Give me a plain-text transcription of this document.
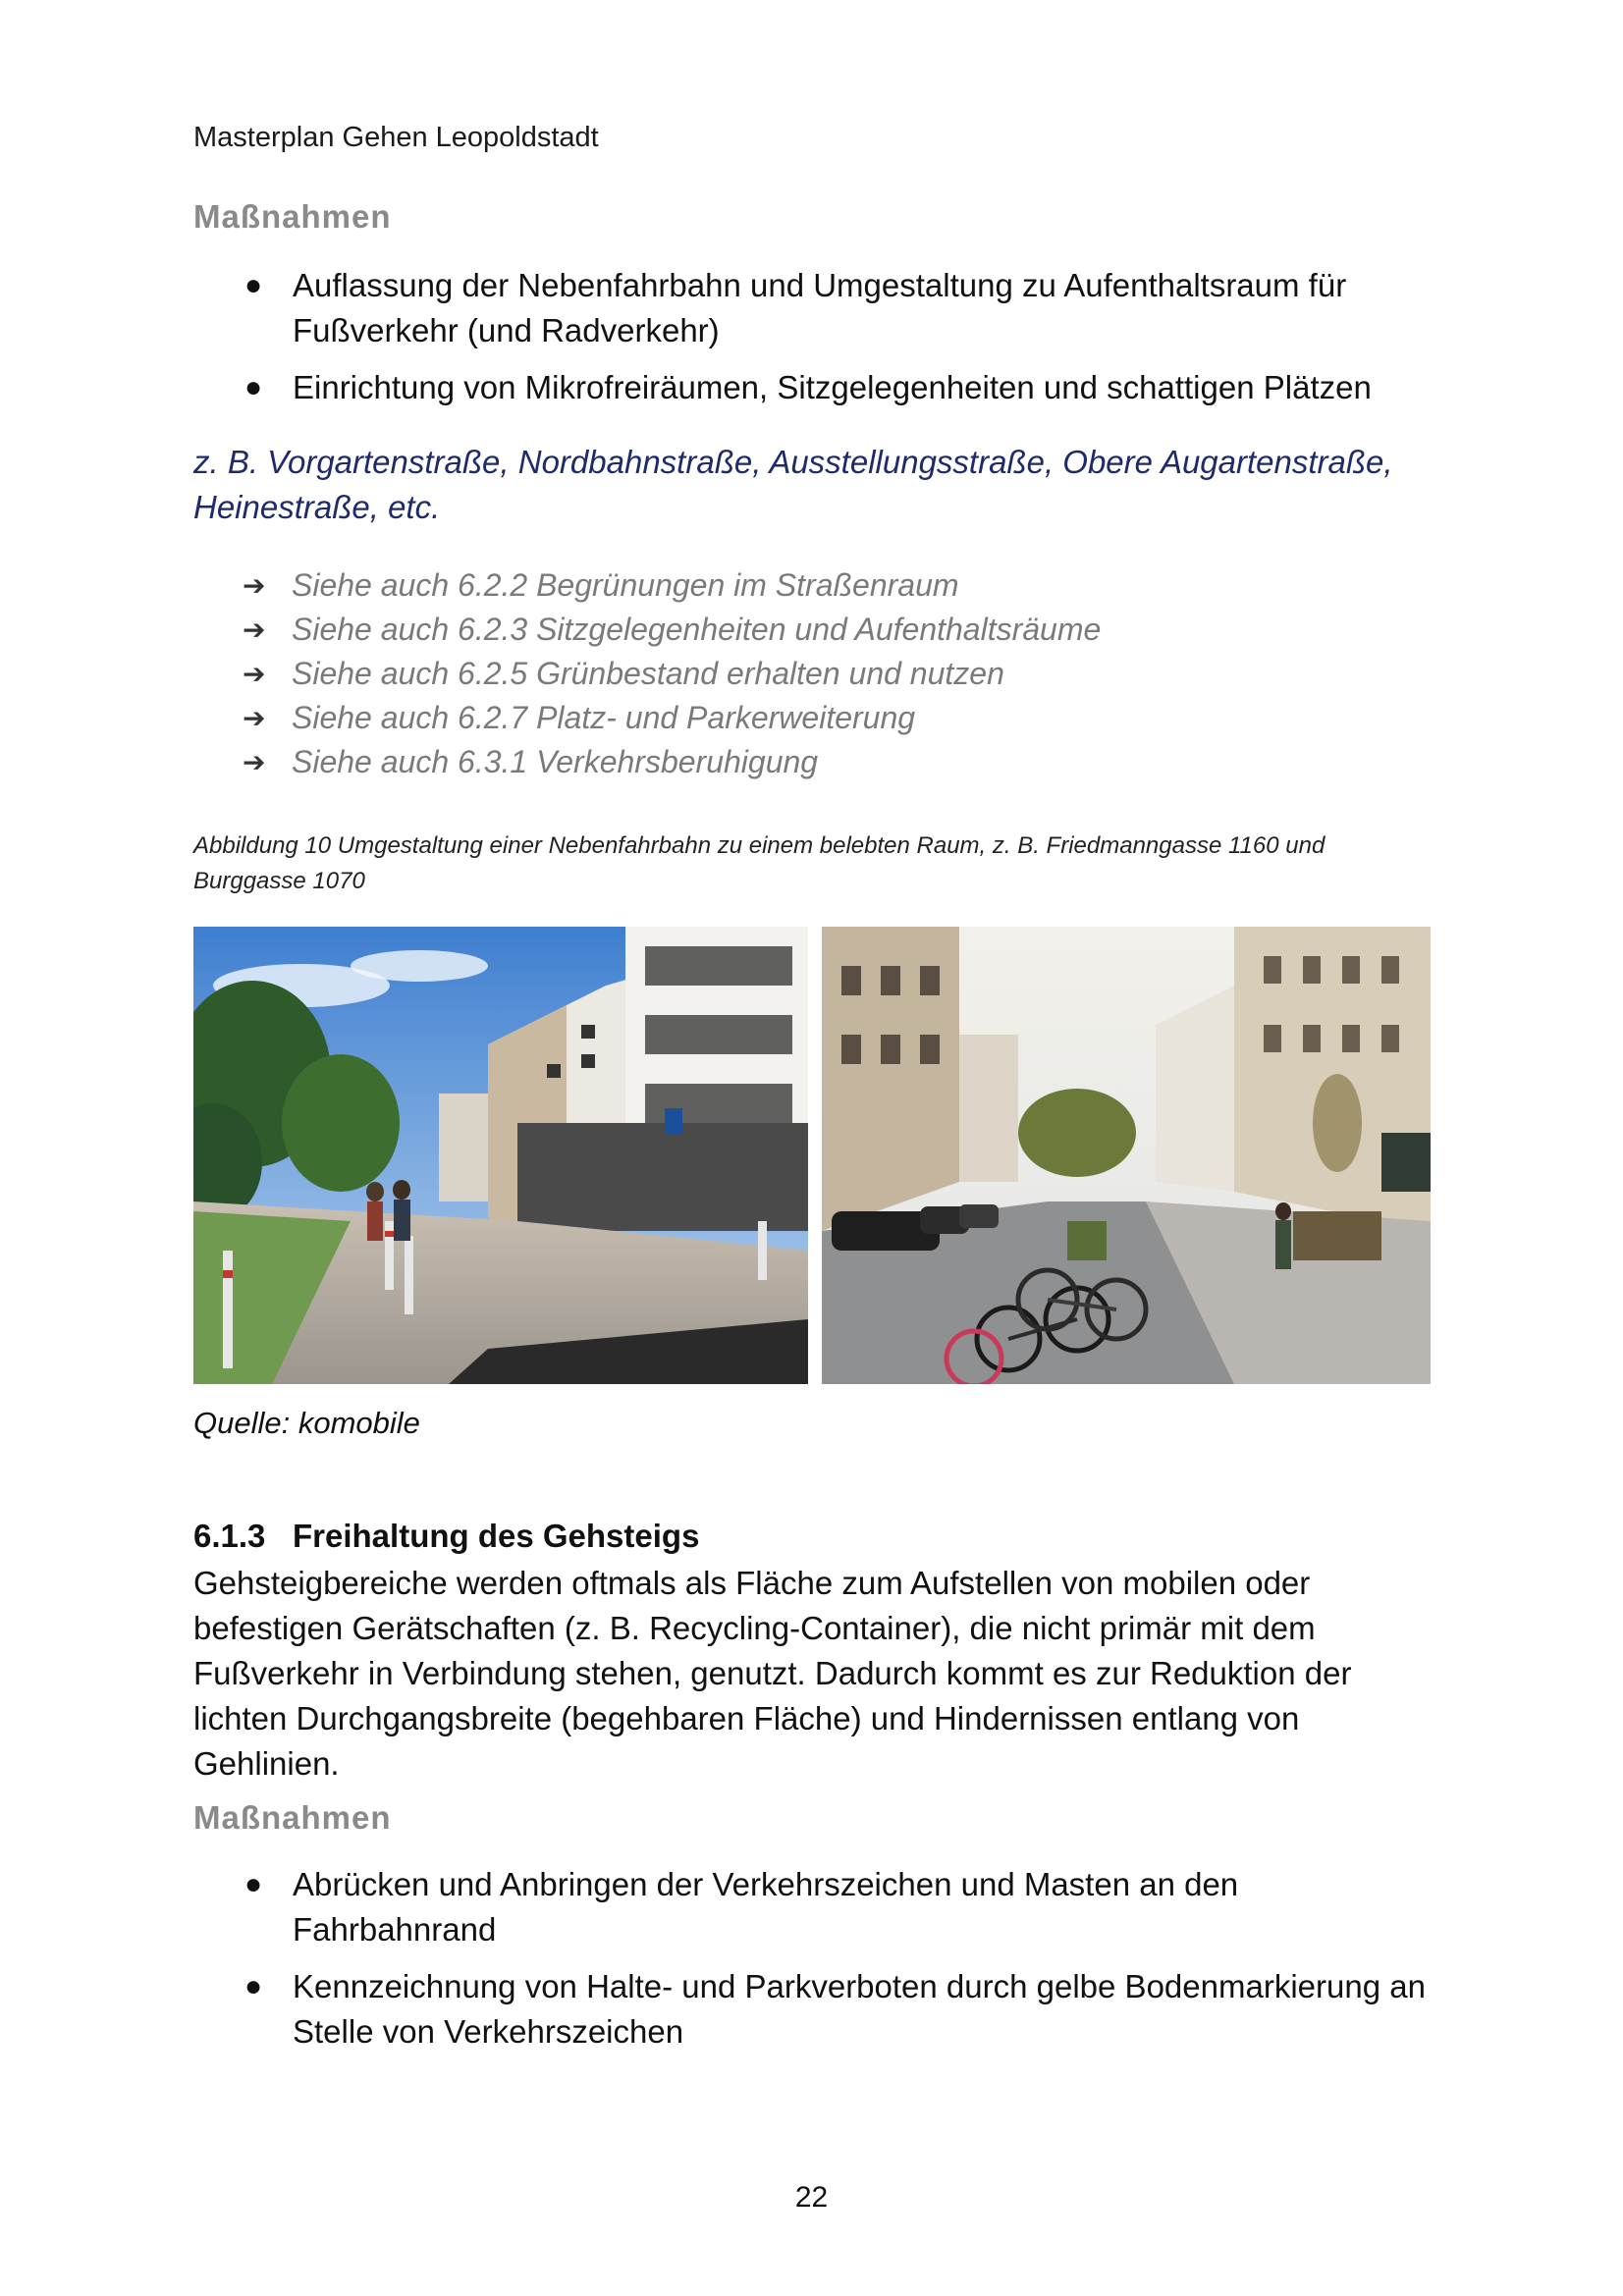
Masterplan Gehen Leopoldstadt
Maßnahmen
● Auflassung der Nebenfahrbahn und Umgestaltung zu Aufenthaltsraum für Fußverkehr (und Radverkehr)
● Einrichtung von Mikrofreiräumen, Sitzgelegenheiten und schattigen Plätzen
z. B. Vorgartenstraße, Nordbahnstraße, Ausstellungsstraße, Obere Augartenstraße, Heinestraße, etc.
➔ Siehe auch 6.2.2 Begrünungen im Straßenraum
➔ Siehe auch 6.2.3 Sitzgelegenheiten und Aufenthaltsräume
➔ Siehe auch 6.2.5 Grünbestand erhalten und nutzen
➔ Siehe auch 6.2.7 Platz- und Parkerweiterung
➔ Siehe auch 6.3.1 Verkehrsberuhigung
Abbildung 10 Umgestaltung einer Nebenfahrbahn zu einem belebten Raum, z. B. Friedmanngasse 1160 und Burggasse 1070
Quelle: komobile
6.1.3 Freihaltung des Gehsteigs
Gehsteigbereiche werden oftmals als Fläche zum Aufstellen von mobilen oder befestigen Gerätschaften (z. B. Recycling-Container), die nicht primär mit dem Fußverkehr in Verbindung stehen, genutzt. Dadurch kommt es zur Reduktion der lichten Durchgangsbreite (begehbaren Fläche) und Hindernissen entlang von Gehlinien.
Maßnahmen
● Abrücken und Anbringen der Verkehrszeichen und Masten an den Fahrbahnrand
● Kennzeichnung von Halte- und Parkverboten durch gelbe Bodenmarkierung an Stelle von Verkehrszeichen
22
